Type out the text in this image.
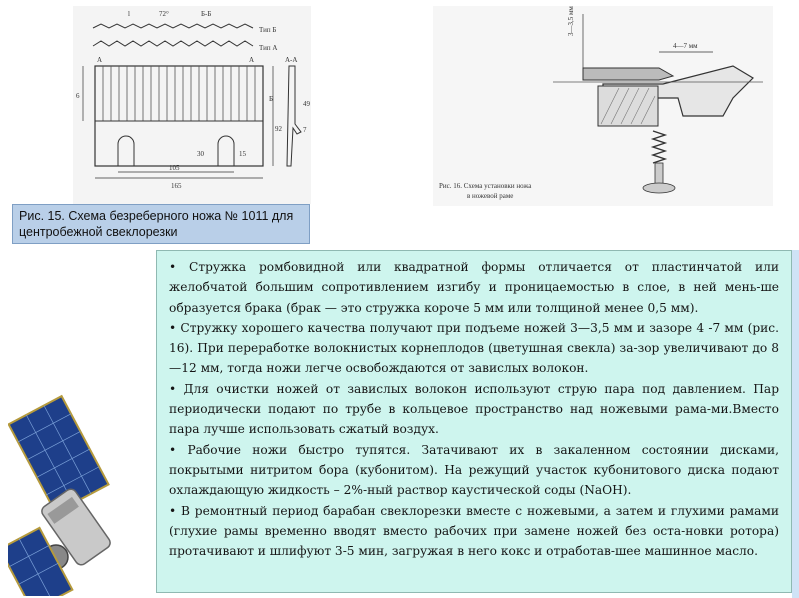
l	72°	Б-Б
Тип Б
Тип А
А	А	А-А
Б
6
92
49
7
30	15
105
165
3—3,5 мм
4—7 мм
Рис. 16. Схема установки ножа
в ножевой раме
Рис. 15. Схема безреберного ножа № 1011 для центробежной свеклорезки

• Стружка ромбовидной или квадратной формы отличается от пластинчатой или желобчатой большим сопротивлением изгибу и проницаемостью в слое, в ней мень-ше образуется брака (брак — это стружка короче 5 мм или толщиной менее 0,5 мм).

• Стружку хорошего качества получают при подъеме ножей 3—3,5 мм и зазоре 4 -7 мм (рис. 16). При переработке волокнистых корнеплодов (цветушная свекла) за-зор увеличивают до 8—12 мм, тогда ножи легче освобождаются от завислых волокон.

• Для очистки ножей от завислых волокон используют струю пара под давлением. Пар периодически подают по трубе в кольцевое пространство над ножевыми рама-ми.Вместо пара лучше использовать сжатый воздух.

• Рабочие ножи быстро тупятся. Затачивают их в закаленном состоянии дисками, покрытыми нитритом бора (кубонитом). На режущий участок кубонитового диска подают охлаждающую жидкость – 2%-ный раствор каустической соды (NaOH).

• В ремонтный период барабан свеклорезки вместе с ножевыми, а затем и глухими рамами (глухие рамы временно вводят вместо рабочих при замене ножей без оста-новки ротора) протачивают и шлифуют 3-5 мин, загружая в него кокс и отработав-шее машинное масло.
